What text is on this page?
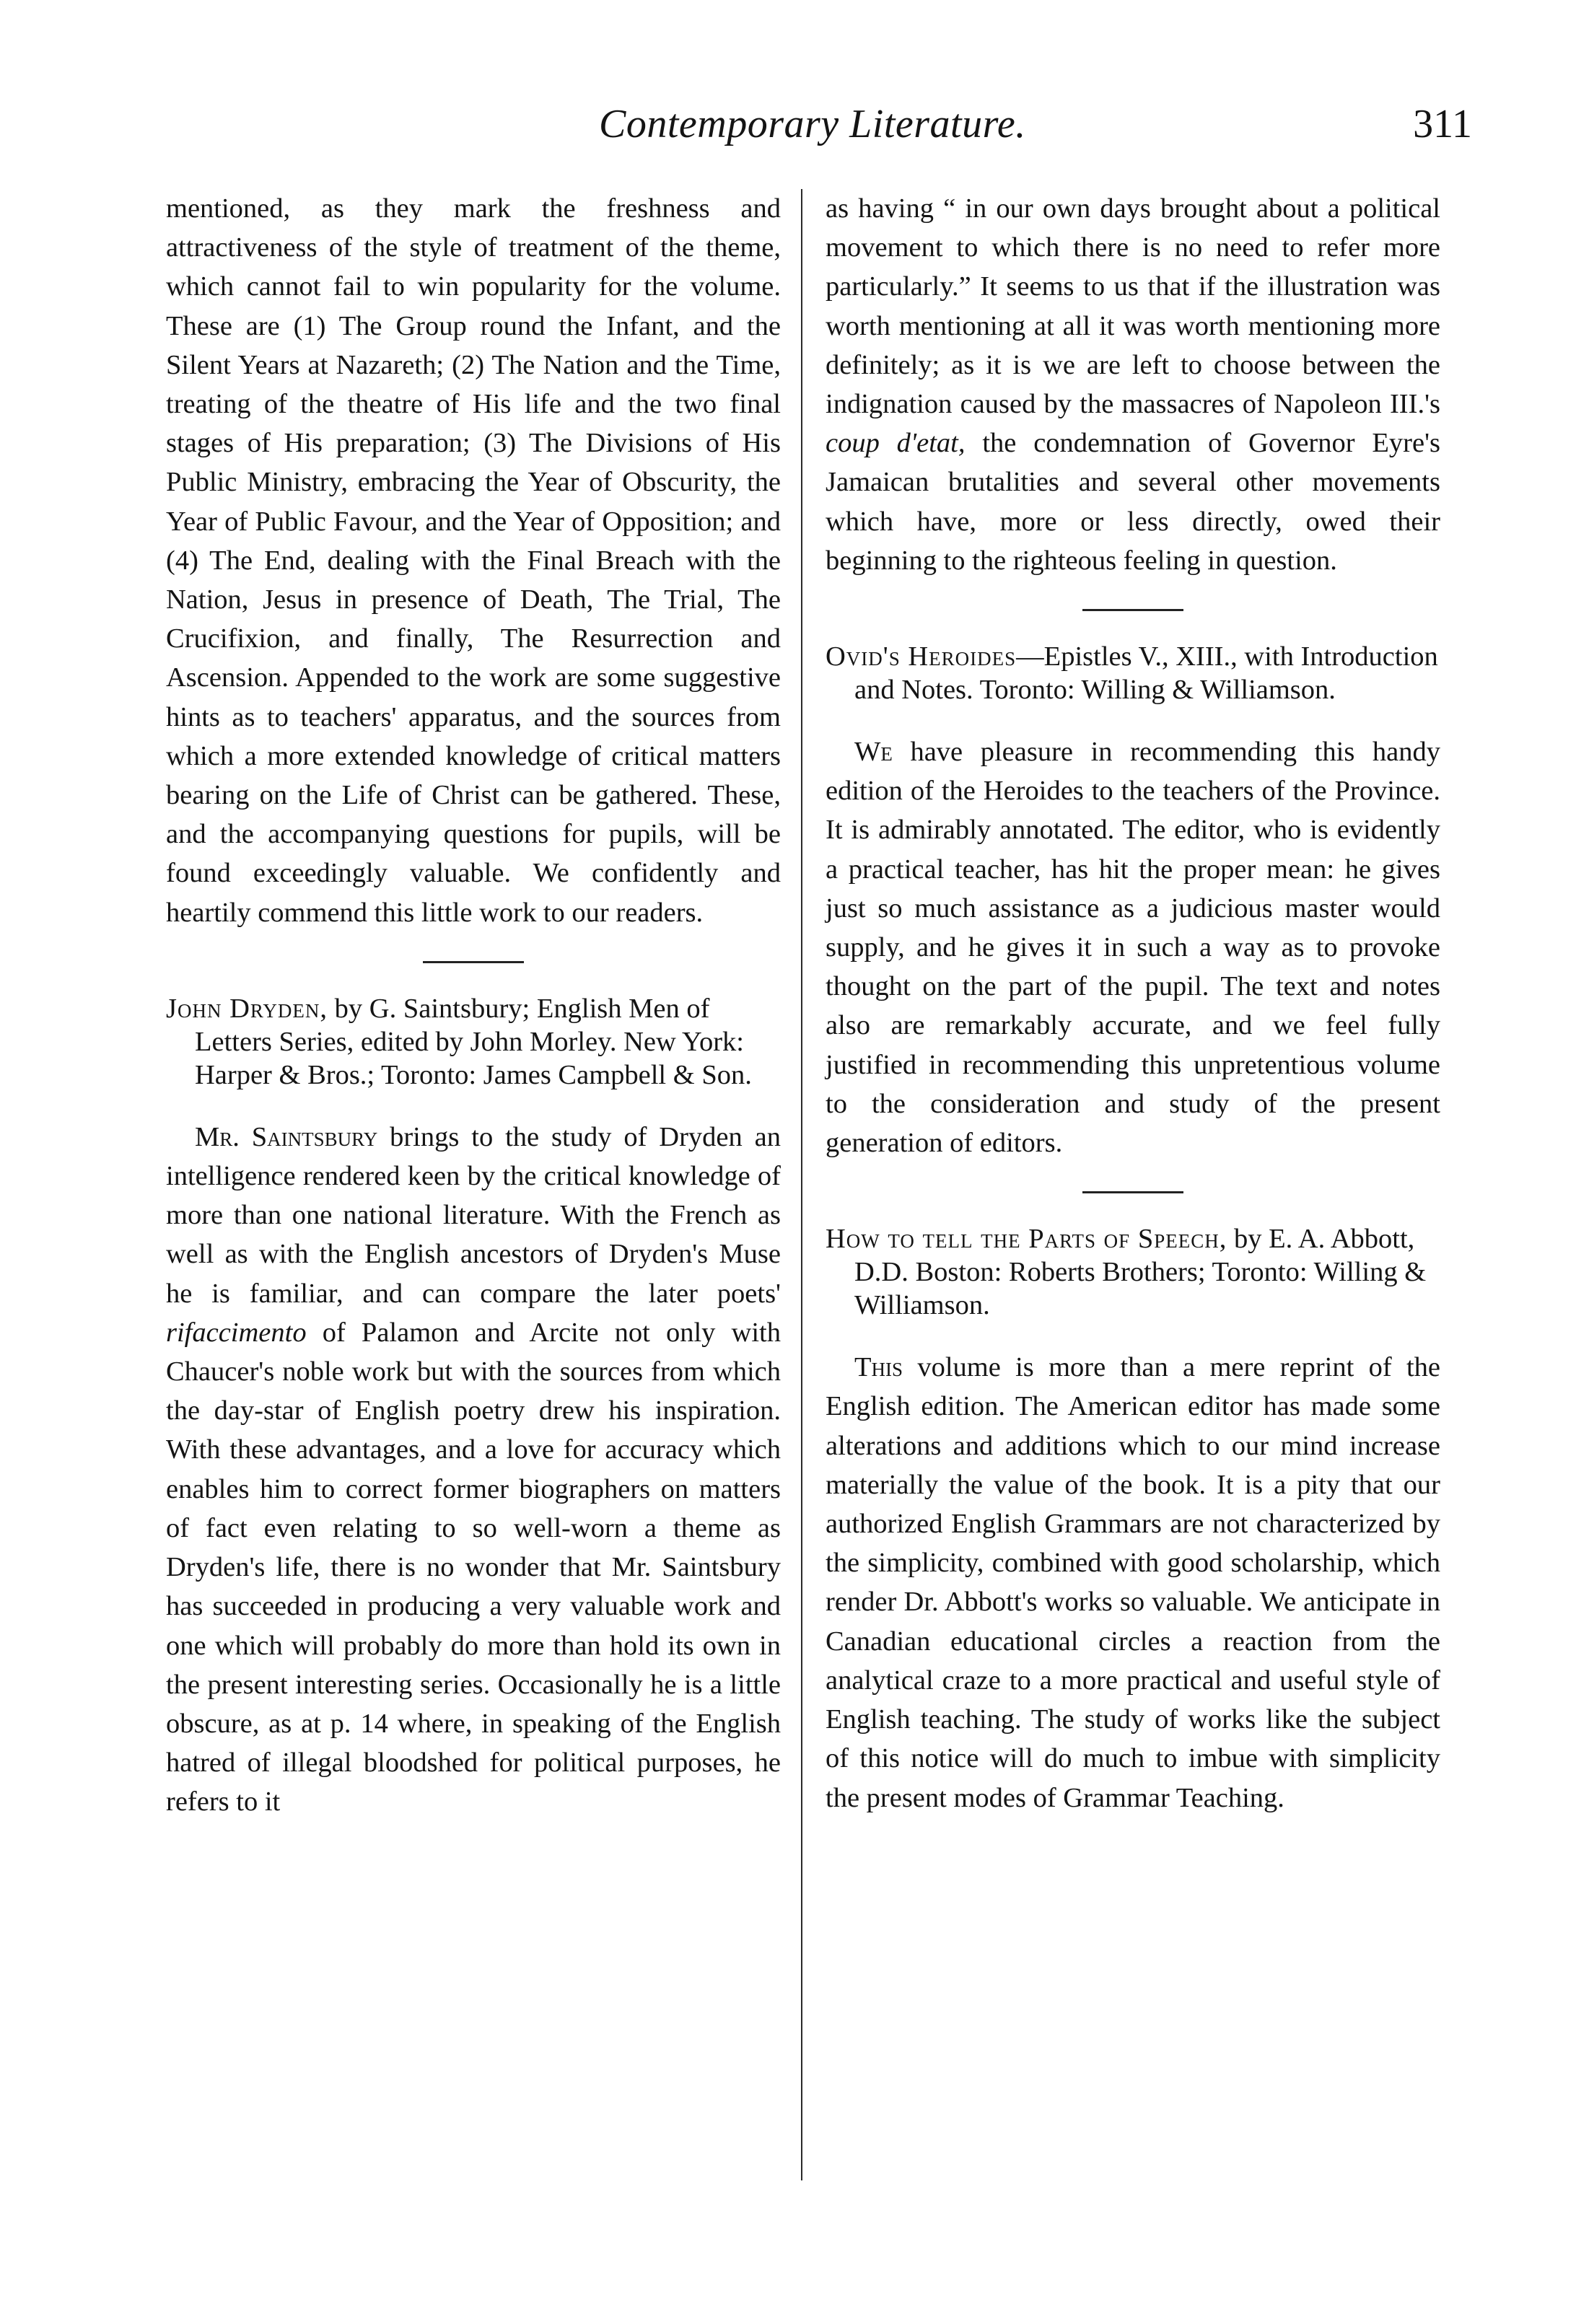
Contemporary Literature.	311

mentioned, as they mark the freshness and attractiveness of the style of treatment of the theme, which cannot fail to win popularity for the volume. These are (1) The Group round the Infant, and the Silent Years at Nazareth; (2) The Nation and the Time, treating of the theatre of His life and the two final stages of His preparation; (3) The Divisions of His Public Ministry, embracing the Year of Obscurity, the Year of Public Favour, and the Year of Opposition; and (4) The End, dealing with the Final Breach with the Nation, Jesus in presence of Death, The Trial, The Crucifixion, and finally, The Resurrection and Ascension. Appended to the work are some suggestive hints as to teachers' apparatus, and the sources from which a more extended knowledge of critical matters bearing on the Life of Christ can be gathered. These, and the accompanying questions for pupils, will be found exceedingly valuable. We confidently and heartily commend this little work to our readers.

John Dryden, by G. Saintsbury; English Men of Letters Series, edited by John Morley. New York: Harper & Bros.; Toronto: James Campbell & Son.

Mr. Saintsbury brings to the study of Dryden an intelligence rendered keen by the critical knowledge of more than one national literature. With the French as well as with the English ancestors of Dryden's Muse he is familiar, and can compare the later poets' rifaccimento of Palamon and Arcite not only with Chaucer's noble work but with the sources from which the day-star of English poetry drew his inspiration. With these advantages, and a love for accuracy which enables him to correct former biographers on matters of fact even relating to so well-worn a theme as Dryden's life, there is no wonder that Mr. Saintsbury has succeeded in producing a very valuable work and one which will probably do more than hold its own in the present interesting series. Occasionally he is a little obscure, as at p. 14 where, in speaking of the English hatred of illegal bloodshed for political purposes, he refers to it

as having “ in our own days brought about a political movement to which there is no need to refer more particularly.” It seems to us that if the illustration was worth mentioning at all it was worth mentioning more definitely; as it is we are left to choose between the indignation caused by the massacres of Napoleon III.'s coup d'etat, the condemnation of Governor Eyre's Jamaican brutalities and several other movements which have, more or less directly, owed their beginning to the righteous feeling in question.

Ovid's Heroides—Epistles V., XIII., with Introduction and Notes. Toronto: Willing & Williamson.

We have pleasure in recommending this handy edition of the Heroides to the teachers of the Province. It is admirably annotated. The editor, who is evidently a practical teacher, has hit the proper mean: he gives just so much assistance as a judicious master would supply, and he gives it in such a way as to provoke thought on the part of the pupil. The text and notes also are remarkably accurate, and we feel fully justified in recommending this unpretentious volume to the consideration and study of the present generation of editors.

How to tell the Parts of Speech, by E. A. Abbott, D.D. Boston: Roberts Brothers; Toronto: Willing & Williamson.

This volume is more than a mere reprint of the English edition. The American editor has made some alterations and additions which to our mind increase materially the value of the book. It is a pity that our authorized English Grammars are not characterized by the simplicity, combined with good scholarship, which render Dr. Abbott's works so valuable. We anticipate in Canadian educational circles a reaction from the analytical craze to a more practical and useful style of English teaching. The study of works like the subject of this notice will do much to imbue with simplicity the present modes of Grammar Teaching.
